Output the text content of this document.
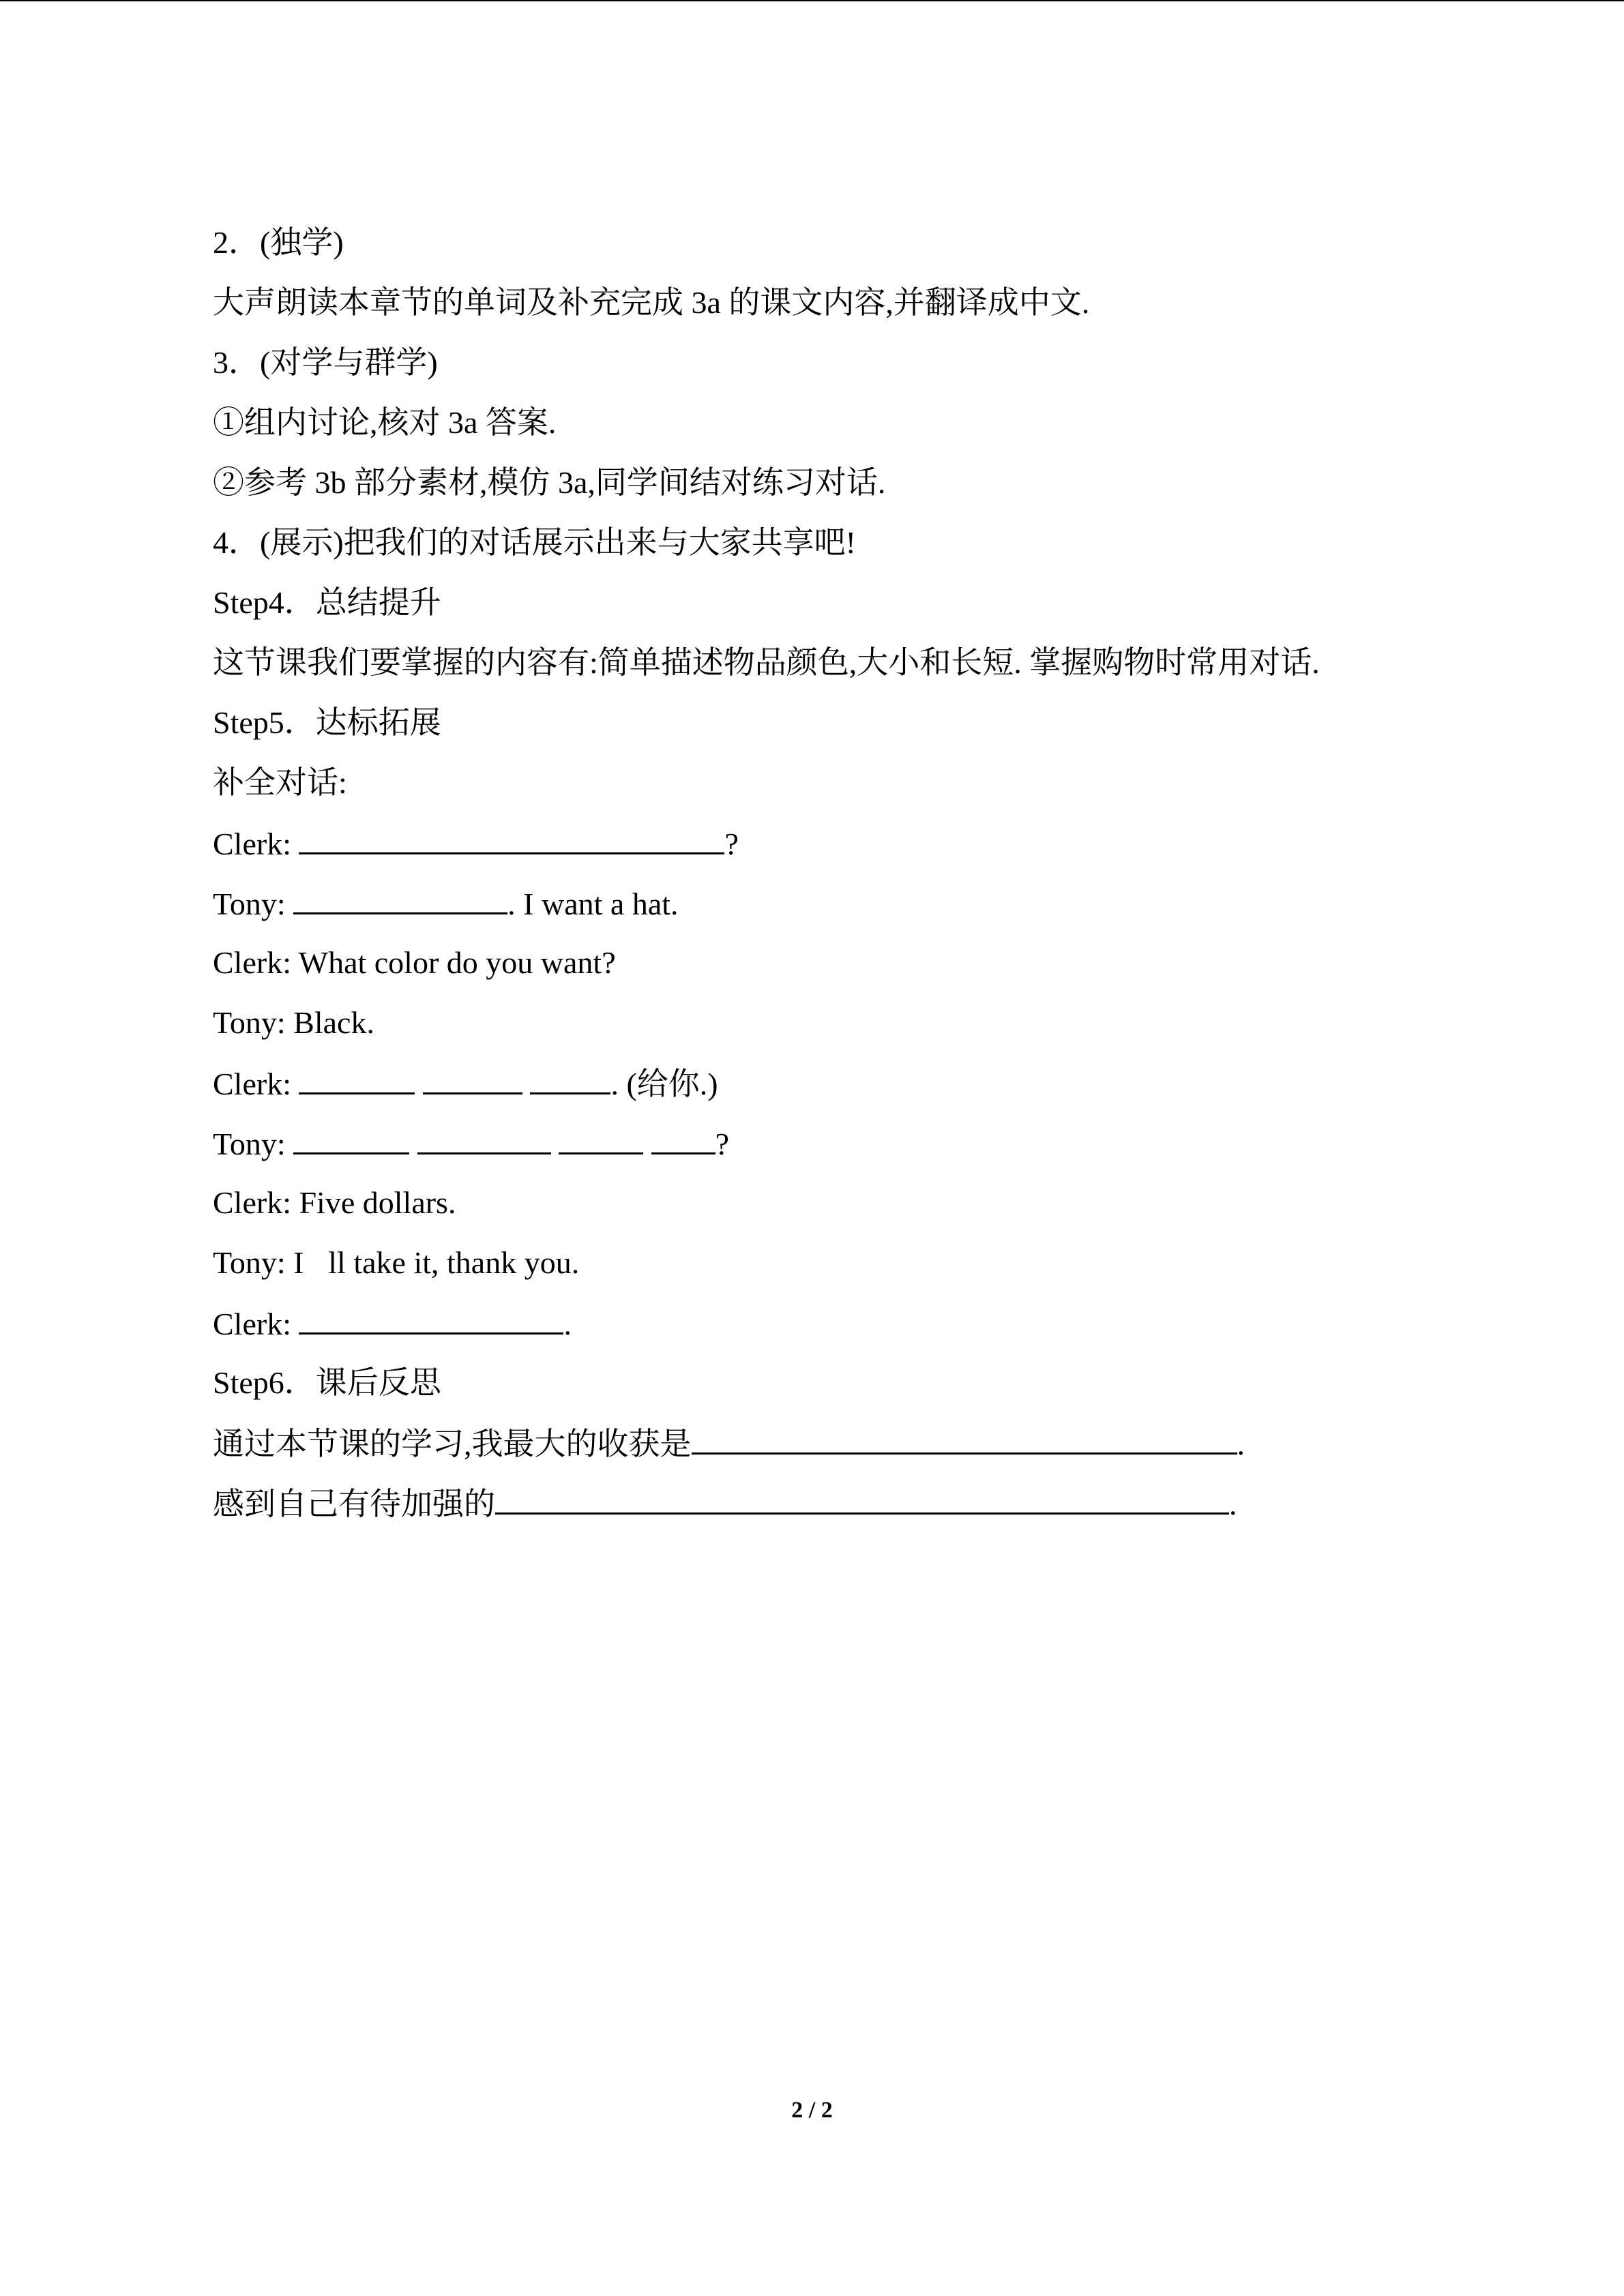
2．(独学)
大声朗读本章节的单词及补充完成 3a 的课文内容,并翻译成中文.
3．(对学与群学)
①组内讨论,核对 3a 答案.
②参考 3b 部分素材,模仿 3a,同学间结对练习对话.
4．(展示)把我们的对话展示出来与大家共享吧!
Step4．总结提升
这节课我们要掌握的内容有:简单描述物品颜色,大小和长短. 掌握购物时常用对话.
Step5．达标拓展
补全对话:
Clerk:	?
Tony:	. I want a hat.
Clerk: What color do you want?
Tony: Black.
Clerk:	. (给你.)
Tony:	?
Clerk: Five dollars.
Tony: I ll take it, thank you.
Clerk:	.
Step6．课后反思
通过本节课的学习,我最大的收获是	.
感到自己有待加强的	.
2 / 2
